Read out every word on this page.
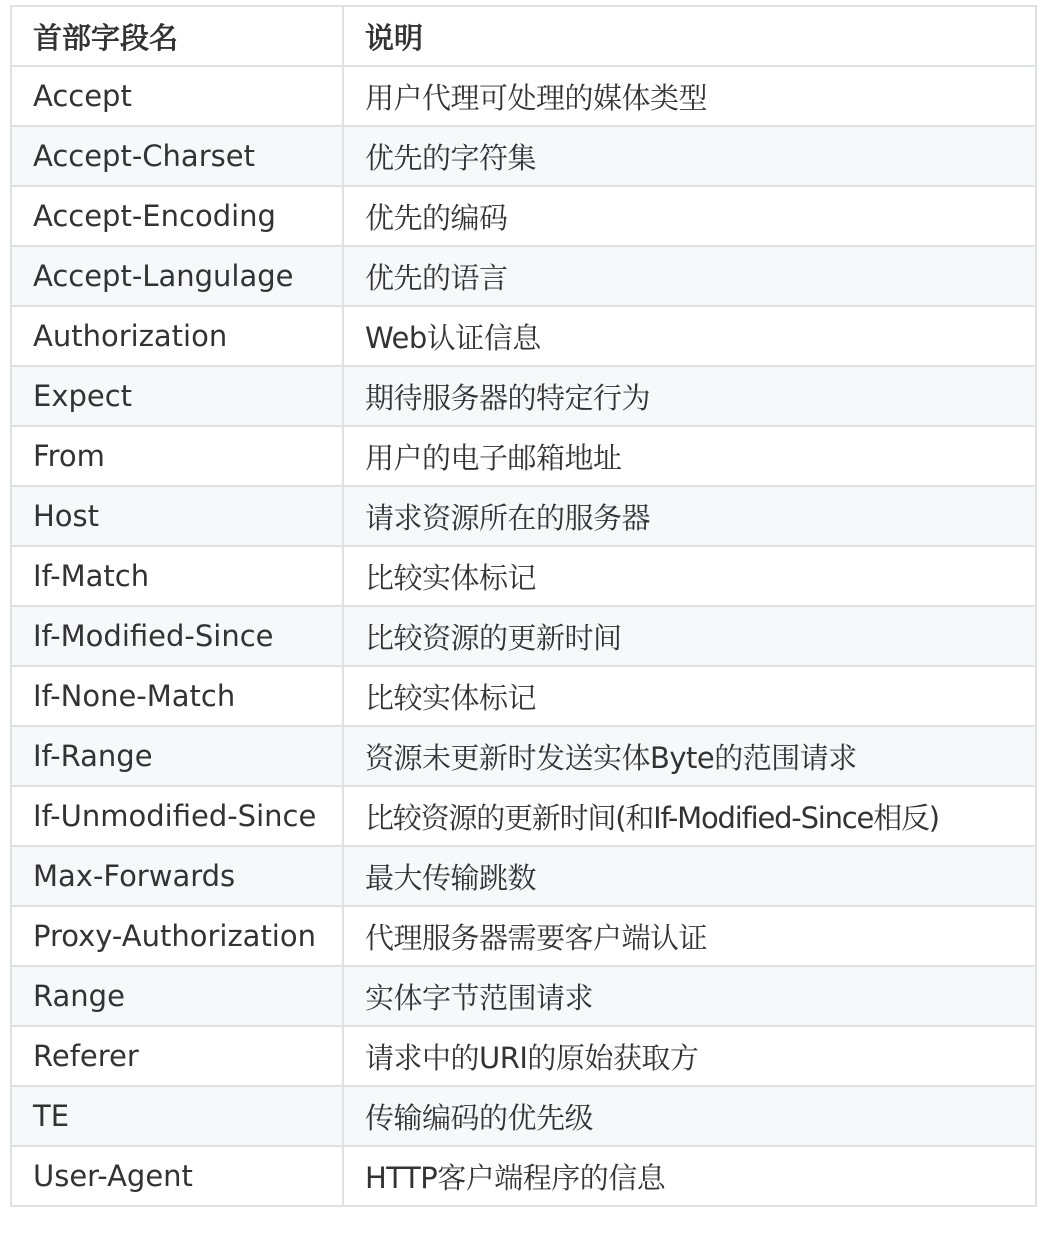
首部字段名	说明
Accept	用户代理可处理的媒体类型
Accept-Charset	优先的字符集
Accept-Encoding	优先的编码
Accept-Langulage	优先的语言
Authorization	Web认证信息
Expect	期待服务器的特定行为
From	用户的电子邮箱地址
Host	请求资源所在的服务器
If-Match	比较实体标记
If-Modified-Since	比较资源的更新时间
If-None-Match	比较实体标记
If-Range	资源未更新时发送实体Byte的范围请求
If-Unmodified-Since	比较资源的更新时间(和If-Modified-Since相反)
Max-Forwards	最大传输跳数
Proxy-Authorization	代理服务器需要客户端认证
Range	实体字节范围请求
Referer	请求中的URI的原始获取方
TE	传输编码的优先级
User-Agent	HTTP客户端程序的信息
